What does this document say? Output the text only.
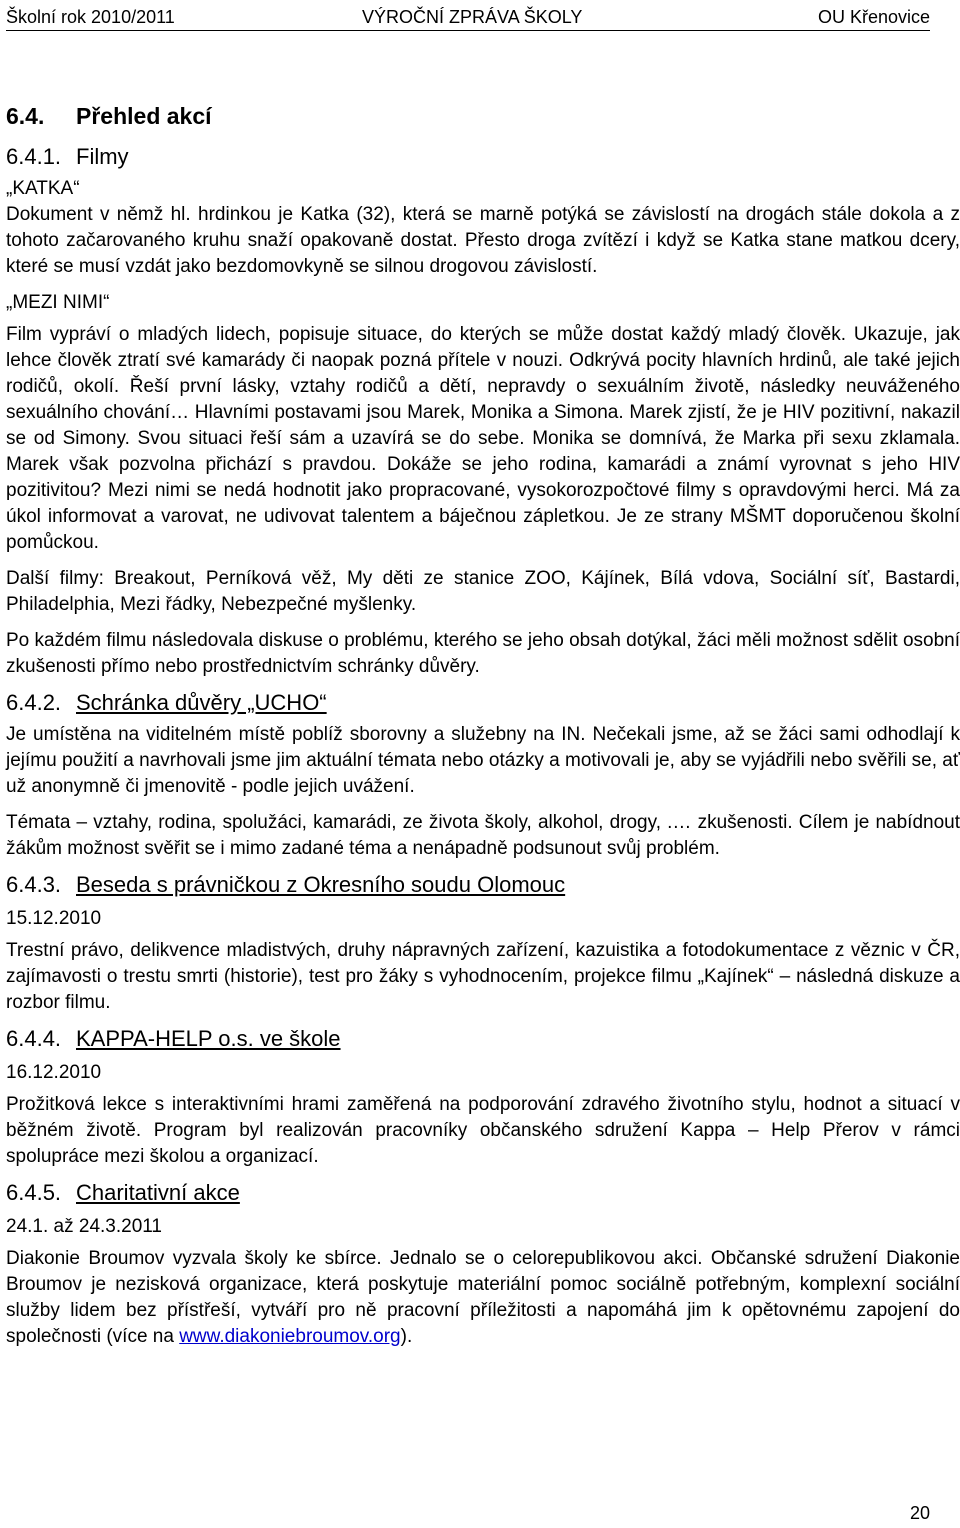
Školní rok 2010/2011	VÝROČNÍ ZPRÁVA ŠKOLY	OU Křenovice
6.4. Přehled akcí
6.4.1. Filmy

„KATKA“

Dokument v němž hl. hrdinkou je Katka (32), která se marně potýká se závislostí na drogách stále dokola a z tohoto začarovaného kruhu snaží opakovaně dostat. Přesto droga zvítězí i když se Katka stane matkou dcery, které se musí vzdát jako bezdomovkyně se silnou drogovou závislostí.

„MEZI NIMI“

Film vypráví o mladých lidech, popisuje situace, do kterých se může dostat každý mladý člověk. Ukazuje, jak lehce člověk ztratí své kamarády či naopak pozná přítele v nouzi. Odkrývá pocity hlavních hrdinů, ale také jejich rodičů, okolí. Řeší první lásky, vztahy rodičů a dětí, nepravdy o sexuálním životě, následky neuváženého sexuálního chování… Hlavními postavami jsou Marek, Monika a Simona. Marek zjistí, že je HIV pozitivní, nakazil se od Simony. Svou situaci řeší sám a uzavírá se do sebe. Monika se domnívá, že Marka při sexu zklamala. Marek však pozvolna přichází s pravdou. Dokáže se jeho rodina, kamarádi a známí vyrovnat s jeho HIV pozitivitou? Mezi nimi se nedá hodnotit jako propracované, vysokorozpočtové filmy s opravdovými herci. Má za úkol informovat a varovat, ne udivovat talentem a báječnou zápletkou. Je ze strany MŠMT doporučenou školní pomůckou.

Další filmy: Breakout, Perníková věž, My děti ze stanice ZOO, Kájínek, Bílá vdova, Sociální síť, Bastardi, Philadelphia, Mezi řádky, Nebezpečné myšlenky.

Po každém filmu následovala diskuse o problému, kterého se jeho obsah dotýkal, žáci měli možnost sdělit osobní zkušenosti přímo nebo prostřednictvím schránky důvěry.

6.4.2. Schránka důvěry „UCHO“

Je umístěna na viditelném místě poblíž sborovny a služebny na IN. Nečekali jsme, až se žáci sami odhodlají k jejímu použití a navrhovali jsme jim aktuální témata nebo otázky a motivovali je, aby se vyjádřili nebo svěřili se, ať už anonymně či jmenovitě - podle jejich uvážení.

Témata – vztahy, rodina, spolužáci, kamarádi, ze života školy, alkohol, drogy, .… zkušenosti. Cílem je nabídnout žákům možnost svěřit se i mimo zadané téma a nenápadně podsunout svůj problém.

6.4.3. Beseda s právničkou z Okresního soudu Olomouc

15.12.2010

Trestní právo, delikvence mladistvých, druhy nápravných zařízení, kazuistika a fotodokumentace z věznic v ČR, zajímavosti o trestu smrti (historie), test pro žáky s vyhodnocením, projekce filmu „Kajínek“ – následná diskuze a rozbor filmu.

6.4.4. KAPPA-HELP o.s. ve škole

16.12.2010

Prožitková lekce s interaktivními hrami zaměřená na podporování zdravého životního stylu, hodnot a situací v běžném životě. Program byl realizován pracovníky občanského sdružení Kappa – Help Přerov v rámci spolupráce mezi školou a organizací.

6.4.5. Charitativní akce

24.1. až 24.3.2011

Diakonie Broumov vyzvala školy ke sbírce. Jednalo se o celorepublikovou akci. Občanské sdružení Diakonie Broumov je nezisková organizace, která poskytuje materiální pomoc sociálně potřebným, komplexní sociální služby lidem bez přístřeší, vytváří pro ně pracovní příležitosti a napomáhá jim k opětovnému zapojení do společnosti (více na www.diakoniebroumov.org).

20
